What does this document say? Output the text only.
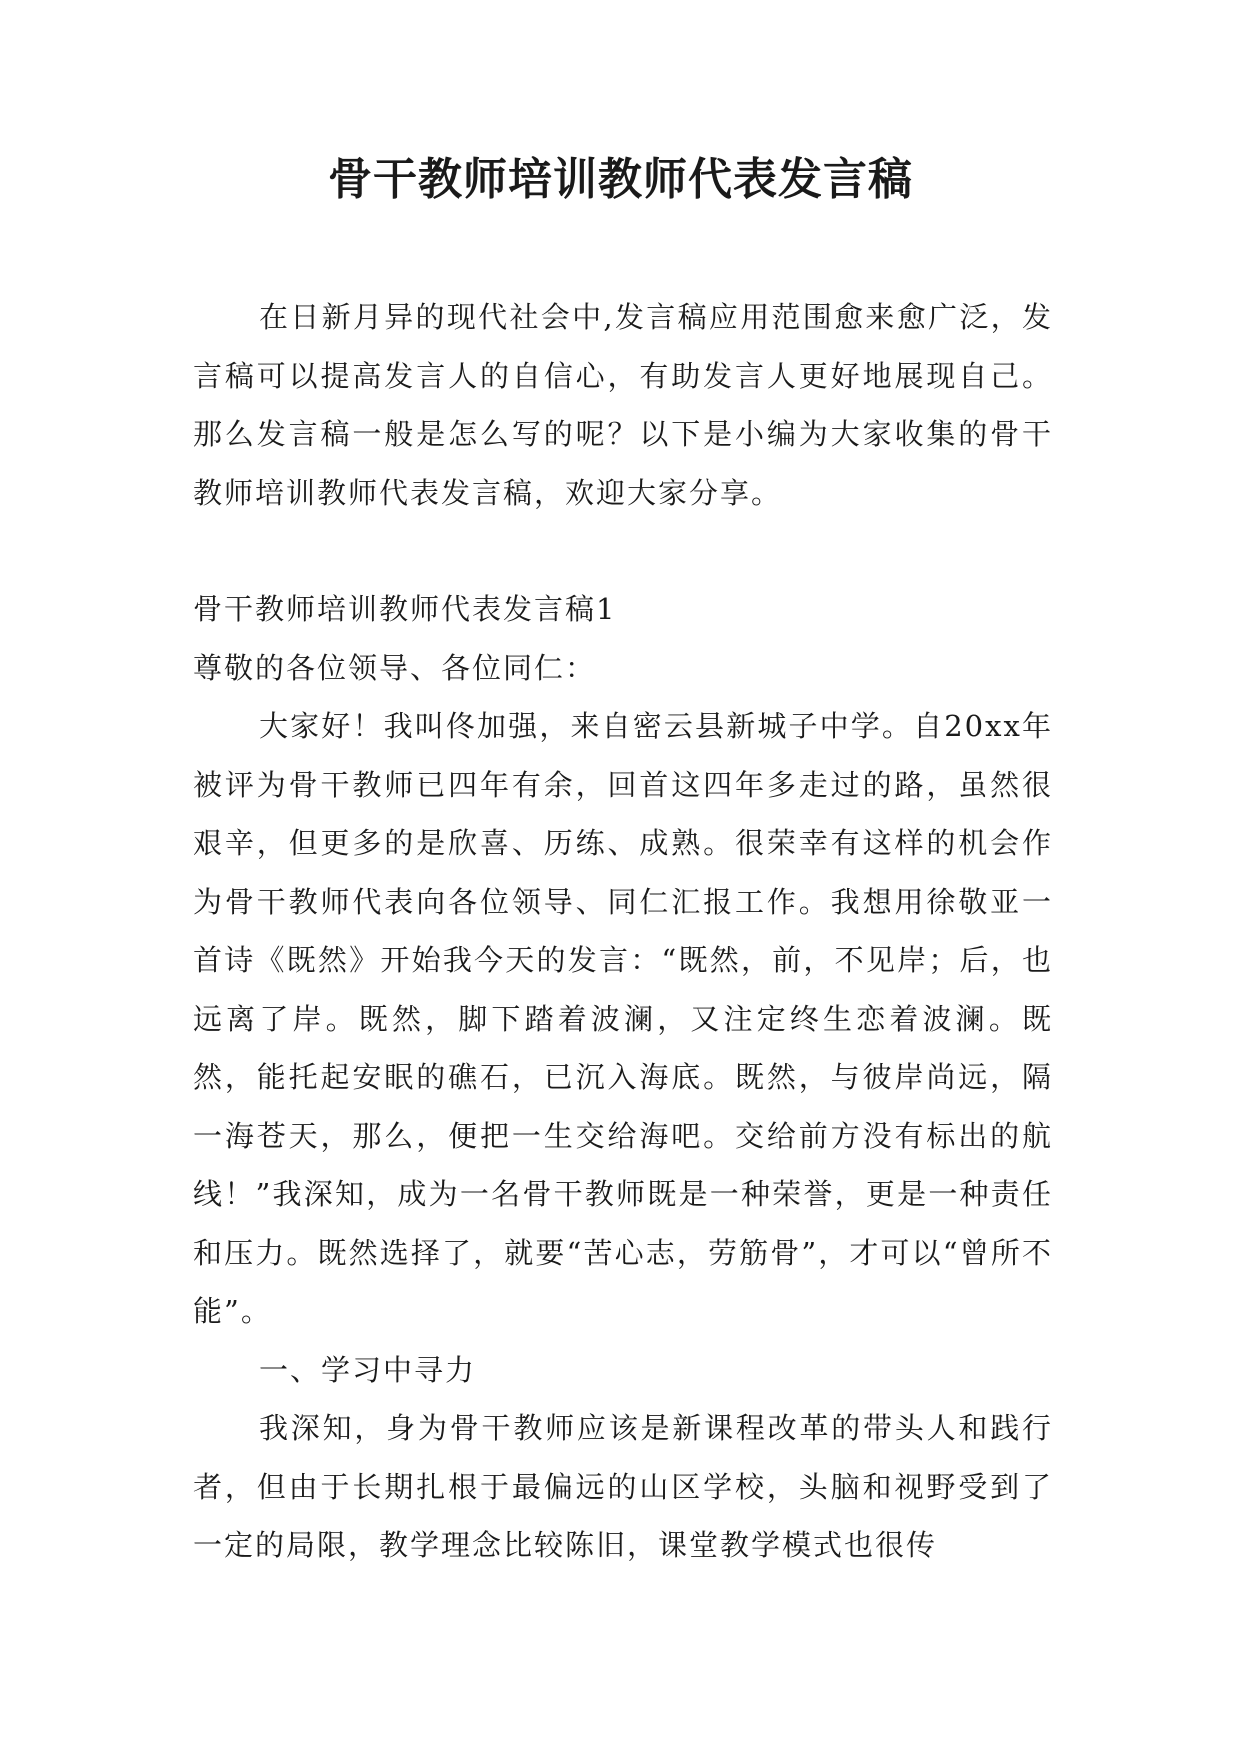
骨干教师培训教师代表发言稿

在日新月异的现代社会中,发言稿应用范围愈来愈广泛，发言稿可以提高发言人的自信心，有助发言人更好地展现自己。那么发言稿一般是怎么写的呢？以下是小编为大家收集的骨干教师培训教师代表发言稿，欢迎大家分享。

骨干教师培训教师代表发言稿1

尊敬的各位领导、各位同仁：

大家好！我叫佟加强，来自密云县新城子中学。自20xx年被评为骨干教师已四年有余，回首这四年多走过的路，虽然很艰辛，但更多的是欣喜、历练、成熟。很荣幸有这样的机会作为骨干教师代表向各位领导、同仁汇报工作。我想用徐敬亚一首诗《既然》开始我今天的发言：“既然，前，不见岸；后，也远离了岸。既然，脚下踏着波澜，又注定终生恋着波澜。既然，能托起安眠的礁石，已沉入海底。既然，与彼岸尚远，隔一海苍天，那么，便把一生交给海吧。交给前方没有标出的航线！”我深知，成为一名骨干教师既是一种荣誉，更是一种责任和压力。既然选择了，就要“苦心志，劳筋骨”，才可以“曾所不能”。

一、学习中寻力

我深知，身为骨干教师应该是新课程改革的带头人和践行者，但由于长期扎根于最偏远的山区学校，头脑和视野受到了一定的局限，教学理念比较陈旧，课堂教学模式也很传
